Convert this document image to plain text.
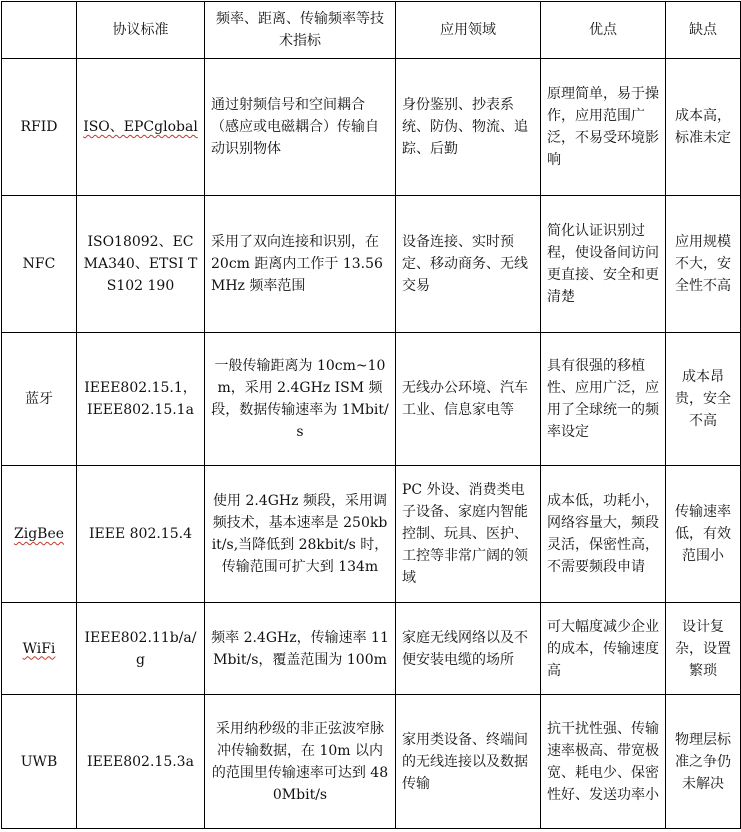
	协议标准	频率、距离、传输频率等技术指标	应用领域	优点	缺点
RFID	ISO、EPCglobal	通过射频信号和空间耦合（感应或电磁耦合）传输自动识别物体	身份鉴别、抄表系统、防伪、物流、追踪、后勤	原理简单，易于操作，应用范围广泛，不易受环境影响	成本高，标准未定
NFC	ISO18092、ECMA340、ETSI TS102 190	采用了双向连接和识别，在 20cm 距离内工作于 13.56MHz 频率范围	设备连接、实时预定、移动商务、无线交易	简化认证识别过程，使设备间访问更直接、安全和更清楚	应用规模不大，安全性不高
蓝牙	IEEE802.15.1，IEEE802.15.1a	一般传输距离为 10cm~10m，采用 2.4GHz ISM 频段，数据传输速率为 1Mbit/s	无线办公环境、汽车工业、信息家电等	具有很强的移植性、应用广泛，应用了全球统一的频率设定	成本昂贵，安全不高
ZigBee	IEEE 802.15.4	使用 2.4GHz 频段，采用调频技术，基本速率是 250kbit/s,当降低到 28kbit/s 时，传输范围可扩大到 134m	PC 外设、消费类电子设备、家庭内智能控制、玩具、医护、工控等非常广阔的领域	成本低，功耗小，网络容量大，频段灵活，保密性高，不需要频段申请	传输速率低，有效范围小
WiFi	IEEE802.11b/a/g	频率 2.4GHz，传输速率 11Mbit/s，覆盖范围为 100m	家庭无线网络以及不便安装电缆的场所	可大幅度减少企业的成本，传输速度高	设计复杂，设置繁琐
UWB	IEEE802.15.3a	采用纳秒级的非正弦波窄脉冲传输数据，在 10m 以内的范围里传输速率可达到 480Mbit/s	家用类设备、终端间的无线连接以及数据传输	抗干扰性强、传输速率极高、带宽极宽、耗电少、保密性好、发送功率小	物理层标准之争仍未解决
